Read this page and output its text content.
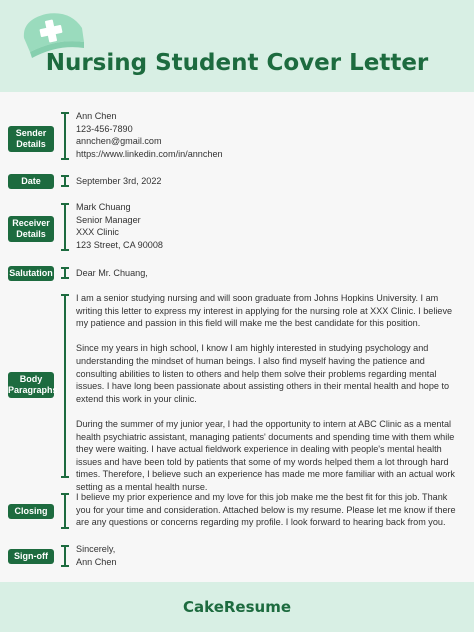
Nursing Student Cover Letter
Sender Details
Ann Chen
123-456-7890
annchen@gmail.com
https://www.linkedin.com/in/annchen
Date	September 3rd, 2022
Receiver Details
Mark Chuang
Senior Manager
XXX Clinic
123 Street, CA 90008
Salutation	Dear Mr. Chuang,
Body Paragraphs
I am a senior studying nursing and will soon graduate from Johns Hopkins University. I am writing this letter to express my interest in applying for the nursing role at XXX Clinic. I believe my patience and passion in this field will make me the best candidate for this position.
Since my years in high school, I know I am highly interested in studying psychology and understanding the mindset of human beings. I also find myself having the patience and consulting abilities to listen to others and help them solve their problems regarding mental issues. I have long been passionate about assisting others in their mental health and hope to extend this work in your clinic.
During the summer of my junior year, I had the opportunity to intern at ABC Clinic as a mental health psychiatric assistant, managing patients' documents and spending time with them while they were waiting. I have actual fieldwork experience in dealing with people's mental health issues and have been told by patients that some of my words helped them a lot through hard times. Therefore, I believe such an experience has made me more familiar with an actual work setting as a mental health nurse.
Closing
I believe my prior experience and my love for this job make me the best fit for this job. Thank you for your time and consideration. Attached below is my resume. Please let me know if there are any questions or concerns regarding my profile. I look forward to hearing back from you.
Sign-off
Sincerely,
Ann Chen
CakeResume
